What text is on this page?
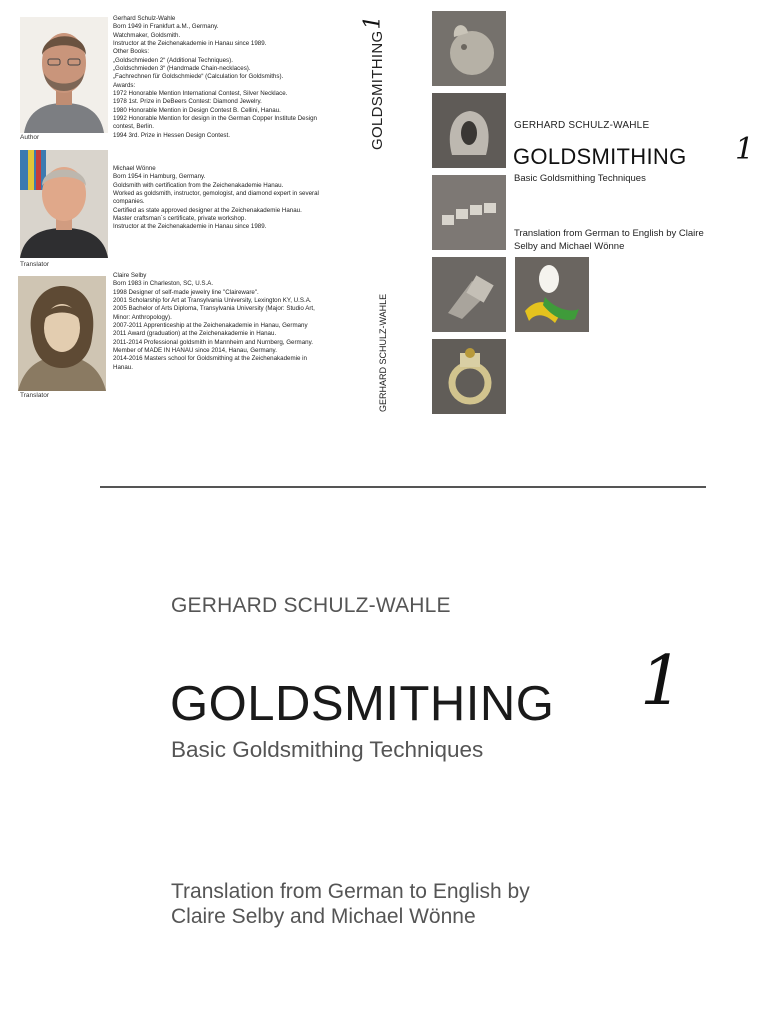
Author
Gerhard Schulz-Wahle
Born 1949 in Frankfurt a.M., Germany.
Watchmaker, Goldsmith.
Instructor at the Zeichenakademie in Hanau since 1989.
Other Books:
„Goldschmieden 2“ (Additional Techniques).
„Goldschmieden 3“ (Handmade Chain-necklaces).
„Fachrechnen für Goldschmiede“ (Calculation for Goldsmiths).
Awards:
1972 Honorable Mention International Contest, Silver Necklace.
1978 1st. Prize in DeBeers Contest: Diamond Jewelry.
1980 Honorable Mention in Design Contest B. Cellini, Hanau.
1992 Honorable Mention for design in the German Copper Institute Design contest, Berlin.
1994 3rd. Prize in Hessen Design Contest.
Translator
Michael Wönne
Born 1954 in Hamburg, Germany.
Goldsmith with certification from the Zeichenakademie Hanau.
Worked as goldsmith, instructor, gemologist, and diamond expert in several companies.
Certified as state approved designer at the Zeichenakademie Hanau.
Master craftsman´s certificate, private workshop.
Instructor at the Zeichenakademie in Hanau since 1989.
Translator
Claire Selby
Born 1983 in Charleston, SC, U.S.A.
1998 Designer of self-made jewelry line "Claireware".
2001 Scholarship for Art at Transylvania University, Lexington KY, U.S.A.
2005 Bachelor of Arts Diploma, Transylvania University (Major: Studio Art, Minor: Anthropology).
2007-2011 Apprenticeship at the Zeichenakademie in Hanau, Germany
2011 Award (graduation) at the Zeichenakademie in Hanau.
2011-2014 Professional goldsmith in Mannheim and Nurnberg, Germany.
Member of MADE IN HANAU since 2014, Hanau, Germany.
2014-2016 Masters school for Goldsmithing at the Zeichenakademie in Hanau.
1
GOLDSMITHING
GERHARD SCHULZ-WAHLE
GERHARD SCHULZ-WAHLE
GOLDSMITHING 1
Basic Goldsmithing Techniques
Translation from German to English by Claire Selby and Michael Wönne
GERHARD SCHULZ-WAHLE
GOLDSMITHING 1
Basic Goldsmithing Techniques
Translation from German to English by
Claire Selby and Michael Wönne
